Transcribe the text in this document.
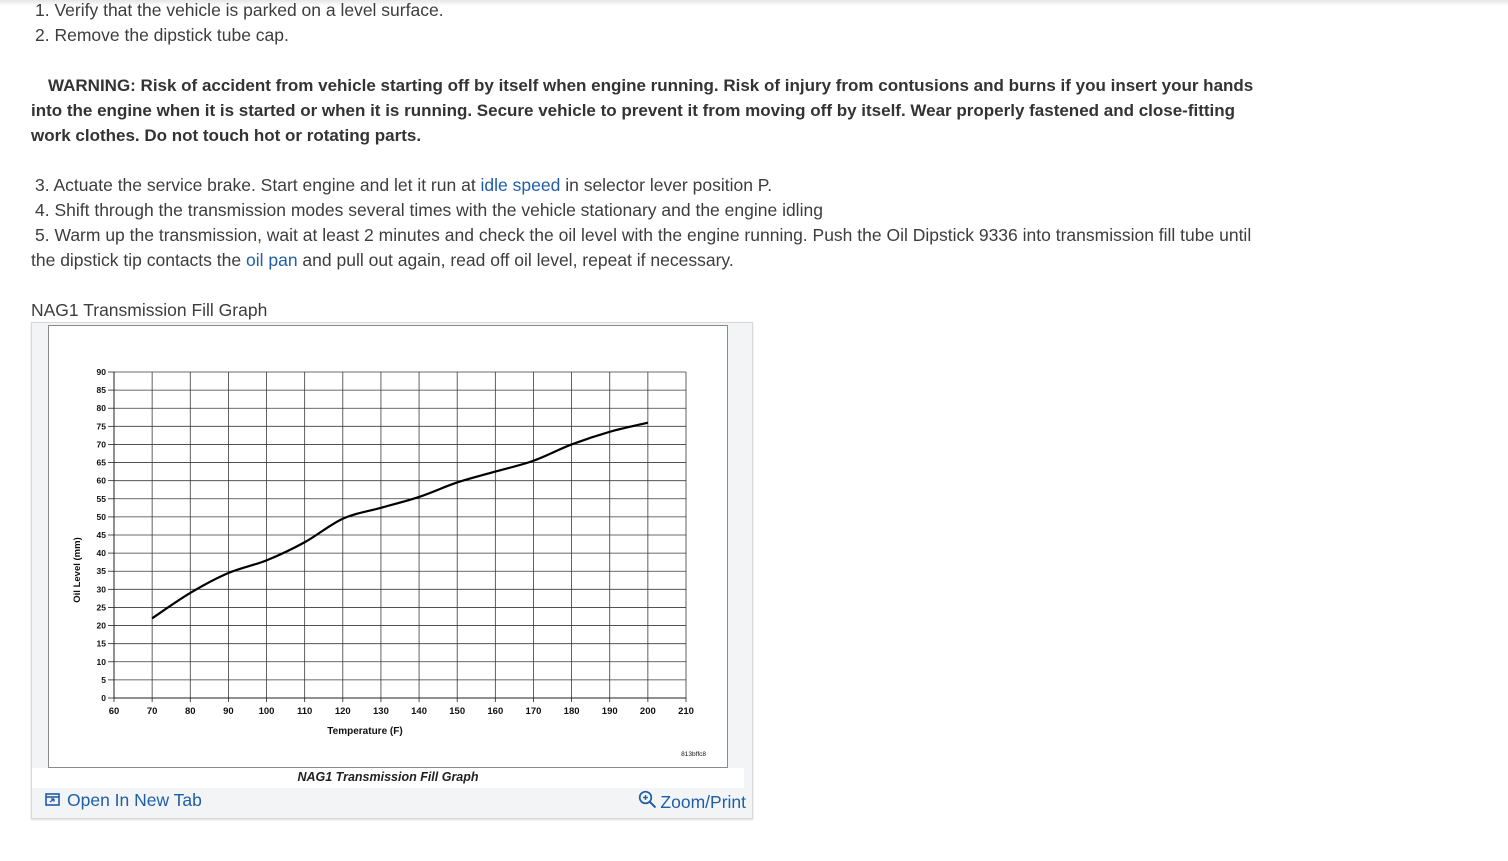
1. Verify that the vehicle is parked on a level surface.
2. Remove the dipstick tube cap.
WARNING: Risk of accident from vehicle starting off by itself when engine running. Risk of injury from contusions and burns if you insert your hands into the engine when it is started or when it is running. Secure vehicle to prevent it from moving off by itself. Wear properly fastened and close-fitting work clothes. Do not touch hot or rotating parts.
3. Actuate the service brake. Start engine and let it run at idle speed in selector lever position P.
4. Shift through the transmission modes several times with the vehicle stationary and the engine idling
5. Warm up the transmission, wait at least 2 minutes and check the oil level with the engine running. Push the Oil Dipstick 9336 into transmission fill tube until the dipstick tip contacts the oil pan and pull out again, read off oil level, repeat if necessary.
NAG1 Transmission Fill Graph
0
5
10
15
20
25
30
35
40
45
50
55
60
65
70
75
80
85
90
60	70	80	90	100 110 120 130 140 150 160 170 180 190 200 210
Temperature (F)
Oil Level (mm)
813bffc8
NAG1 Transmission Fill Graph
Open In New Tab	Zoom/Print
